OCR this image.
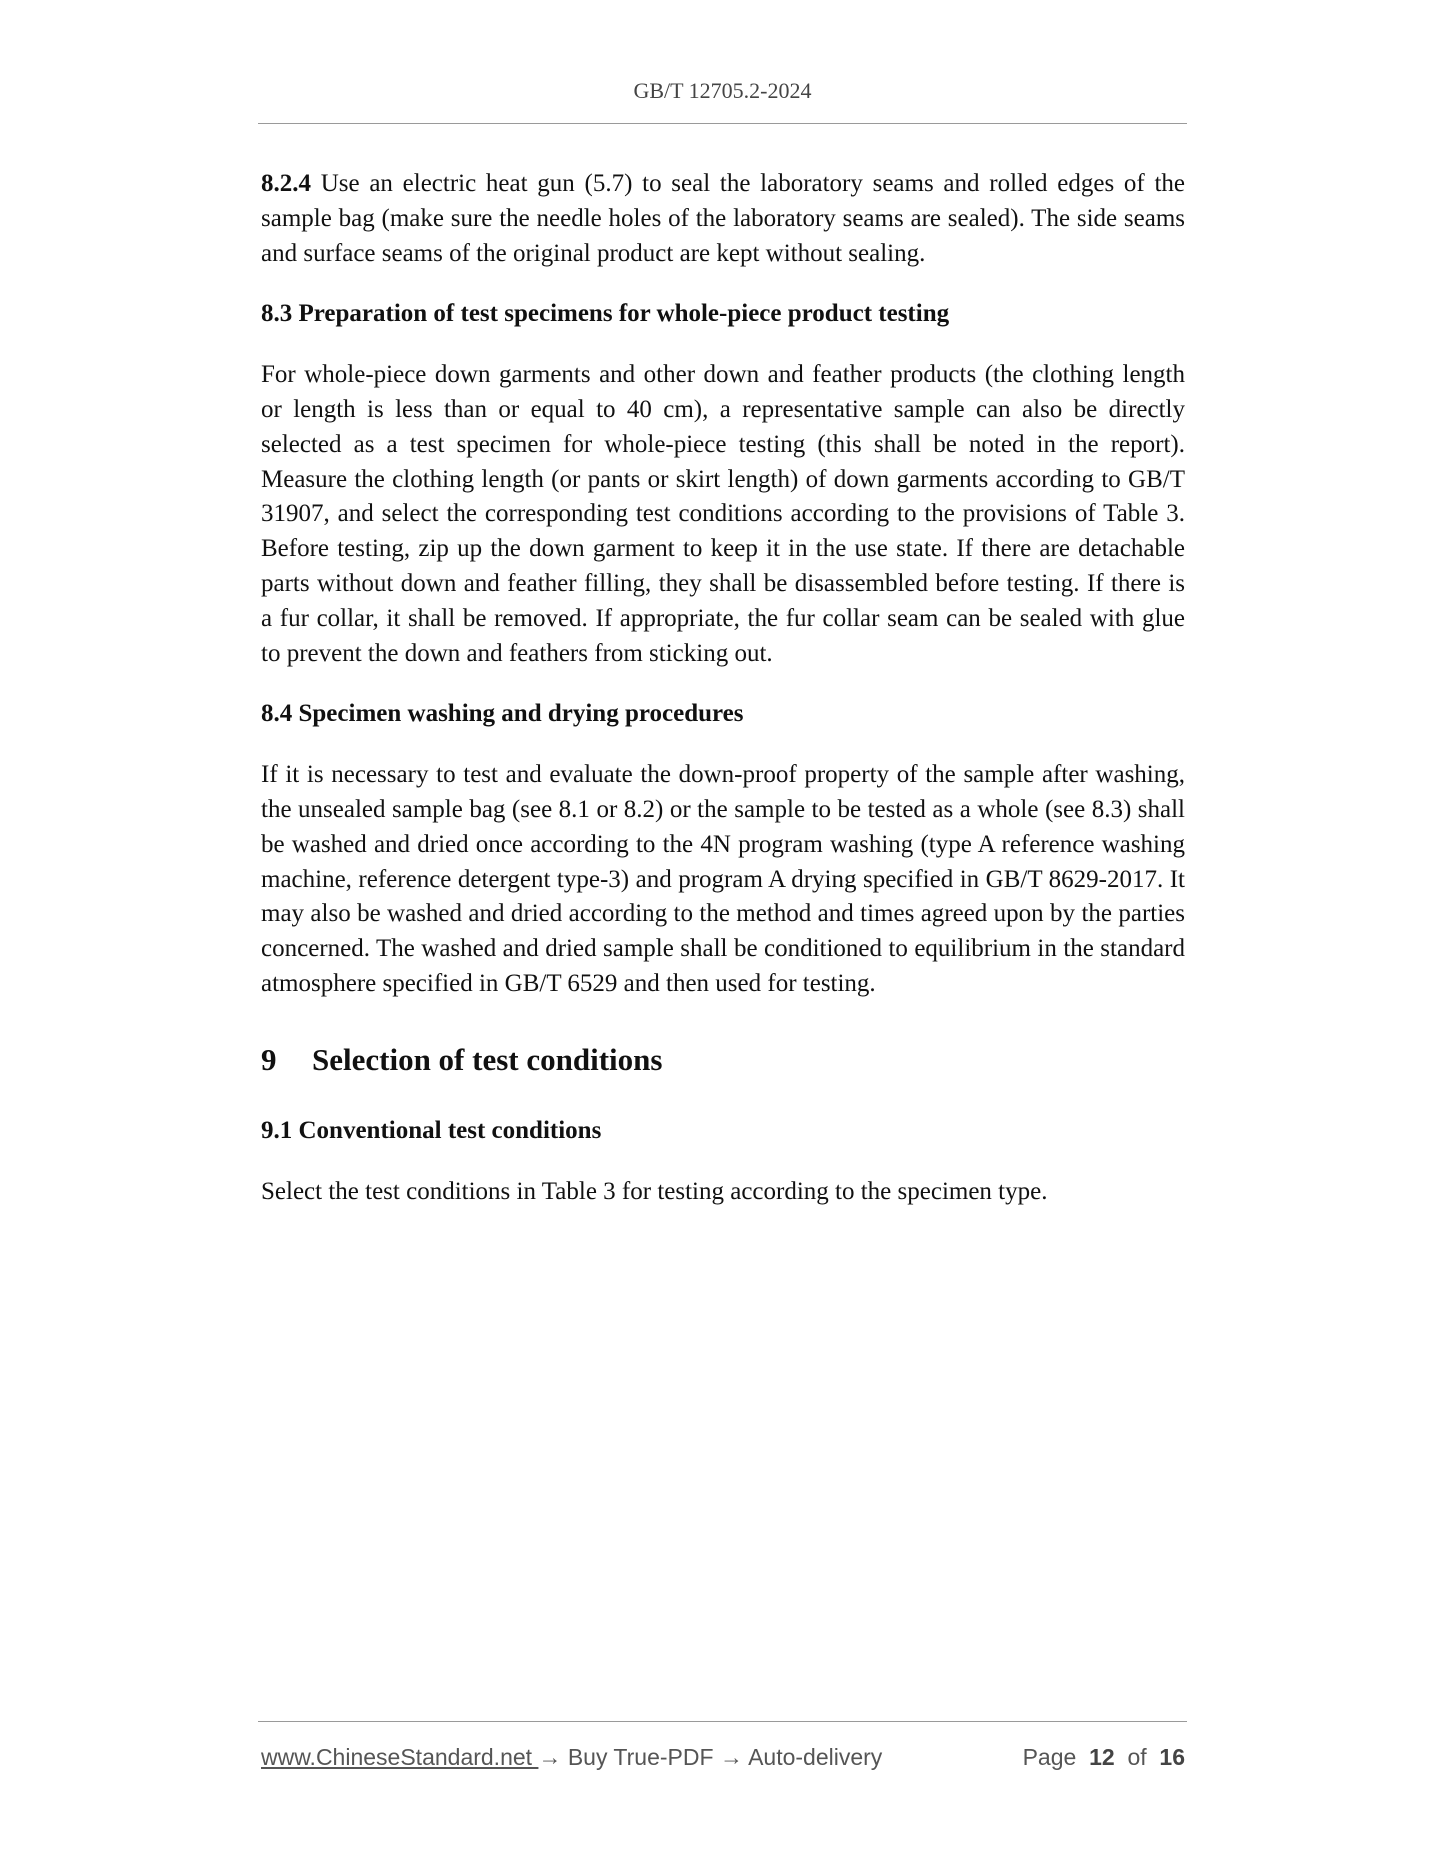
GB/T 12705.2-2024

8.2.4 Use an electric heat gun (5.7) to seal the laboratory seams and rolled edges of the sample bag (make sure the needle holes of the laboratory seams are sealed). The side seams and surface seams of the original product are kept without sealing.

8.3 Preparation of test specimens for whole-piece product testing

For whole-piece down garments and other down and feather products (the clothing length or length is less than or equal to 40 cm), a representative sample can also be directly selected as a test specimen for whole-piece testing (this shall be noted in the report). Measure the clothing length (or pants or skirt length) of down garments according to GB/T 31907, and select the corresponding test conditions according to the provisions of Table 3. Before testing, zip up the down garment to keep it in the use state. If there are detachable parts without down and feather filling, they shall be disassembled before testing. If there is a fur collar, it shall be removed. If appropriate, the fur collar seam can be sealed with glue to prevent the down and feathers from sticking out.

8.4 Specimen washing and drying procedures

If it is necessary to test and evaluate the down-proof property of the sample after washing, the unsealed sample bag (see 8.1 or 8.2) or the sample to be tested as a whole (see 8.3) shall be washed and dried once according to the 4N program washing (type A reference washing machine, reference detergent type-3) and program A drying specified in GB/T 8629-2017. It may also be washed and dried according to the method and times agreed upon by the parties concerned. The washed and dried sample shall be conditioned to equilibrium in the standard atmosphere specified in GB/T 6529 and then used for testing.

9 Selection of test conditions
9.1 Conventional test conditions

Select the test conditions in Table 3 for testing according to the specimen type.

www.ChineseStandard.net → Buy True-PDF → Auto-delivery	Page 12 of 16
